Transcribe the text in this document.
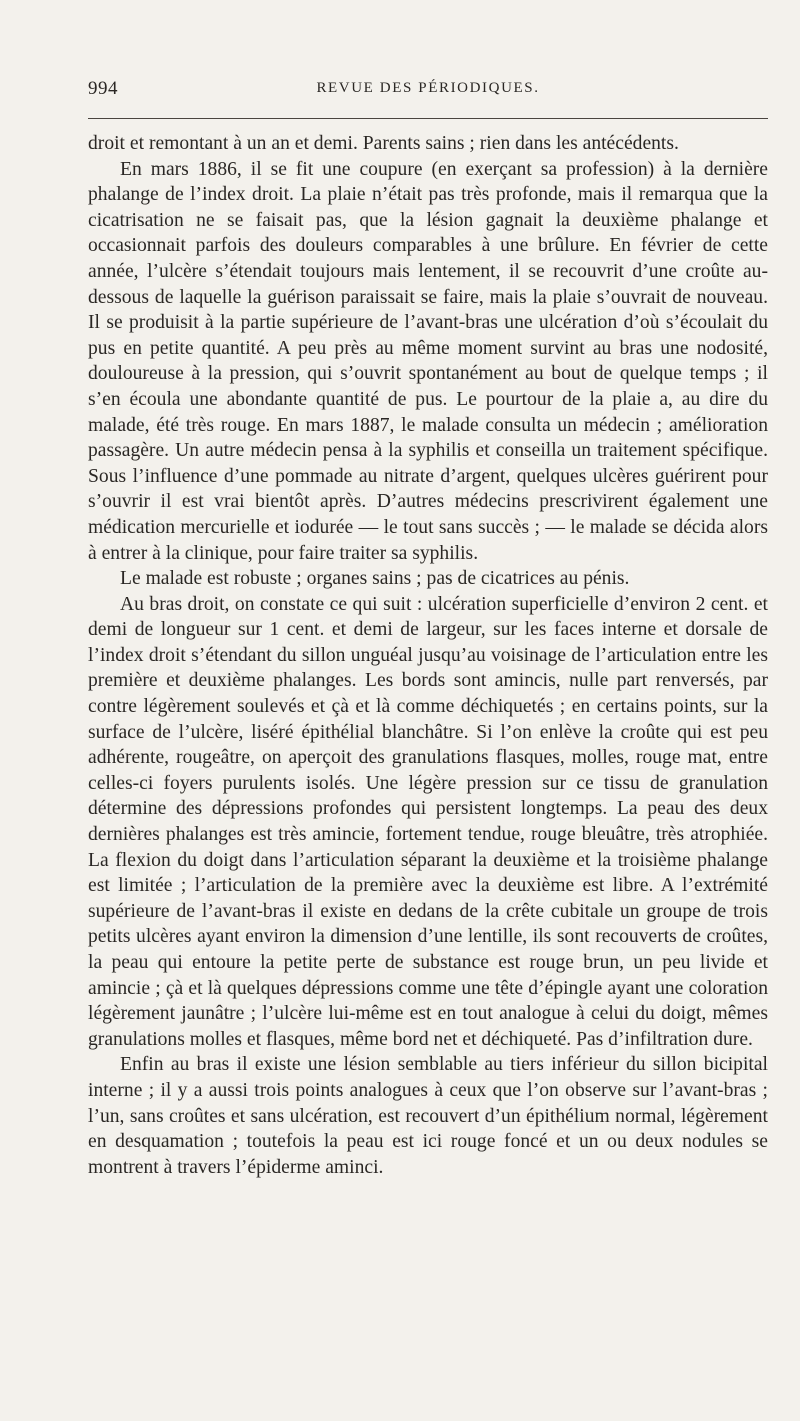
994	REVUE DES PÉRIODIQUES.

droit et remontant à un an et demi. Parents sains ; rien dans les antécédents.

En mars 1886, il se fit une coupure (en exerçant sa profession) à la dernière phalange de l’index droit. La plaie n’était pas très profonde, mais il remarqua que la cicatrisation ne se faisait pas, que la lésion gagnait la deuxième phalange et occasionnait parfois des douleurs comparables à une brûlure. En février de cette année, l’ulcère s’étendait toujours mais lentement, il se recouvrit d’une croûte au-dessous de laquelle la guérison paraissait se faire, mais la plaie s’ouvrait de nouveau. Il se produisit à la partie supérieure de l’avant-bras une ulcération d’où s’écoulait du pus en petite quantité. A peu près au même moment survint au bras une nodosité, douloureuse à la pression, qui s’ouvrit spontanément au bout de quelque temps ; il s’en écoula une abondante quantité de pus. Le pourtour de la plaie a, au dire du malade, été très rouge. En mars 1887, le malade consulta un médecin ; amélioration passagère. Un autre médecin pensa à la syphilis et conseilla un traitement spécifique. Sous l’influence d’une pommade au nitrate d’argent, quelques ulcères guérirent pour s’ouvrir il est vrai bientôt après. D’autres médecins prescrivirent également une médication mercurielle et iodurée — le tout sans succès ; — le malade se décida alors à entrer à la clinique, pour faire traiter sa syphilis.

Le malade est robuste ; organes sains ; pas de cicatrices au pénis.

Au bras droit, on constate ce qui suit : ulcération superficielle d’environ 2 cent. et demi de longueur sur 1 cent. et demi de largeur, sur les faces interne et dorsale de l’index droit s’étendant du sillon unguéal jusqu’au voisinage de l’articulation entre les première et deuxième phalanges. Les bords sont amincis, nulle part renversés, par contre légèrement soulevés et çà et là comme déchiquetés ; en certains points, sur la surface de l’ulcère, liséré épithélial blanchâtre. Si l’on enlève la croûte qui est peu adhérente, rougeâtre, on aperçoit des granulations flasques, molles, rouge mat, entre celles-ci foyers purulents isolés. Une légère pression sur ce tissu de granulation détermine des dépressions profondes qui persistent longtemps. La peau des deux dernières phalanges est très amincie, fortement tendue, rouge bleuâtre, très atrophiée. La flexion du doigt dans l’articulation séparant la deuxième et la troisième phalange est limitée ; l’articulation de la première avec la deuxième est libre. A l’extrémité supérieure de l’avant-bras il existe en dedans de la crête cubitale un groupe de trois petits ulcères ayant environ la dimension d’une lentille, ils sont recouverts de croûtes, la peau qui entoure la petite perte de substance est rouge brun, un peu livide et amincie ; çà et là quelques dépressions comme une tête d’épingle ayant une coloration légèrement jaunâtre ; l’ulcère lui-même est en tout analogue à celui du doigt, mêmes granulations molles et flasques, même bord net et déchiqueté. Pas d’infiltration dure.

Enfin au bras il existe une lésion semblable au tiers inférieur du sillon bicipital interne ; il y a aussi trois points analogues à ceux que l’on observe sur l’avant-bras ; l’un, sans croûtes et sans ulcération, est recouvert d’un épithélium normal, légèrement en desquamation ; toutefois la peau est ici rouge foncé et un ou deux nodules se montrent à travers l’épiderme aminci.
